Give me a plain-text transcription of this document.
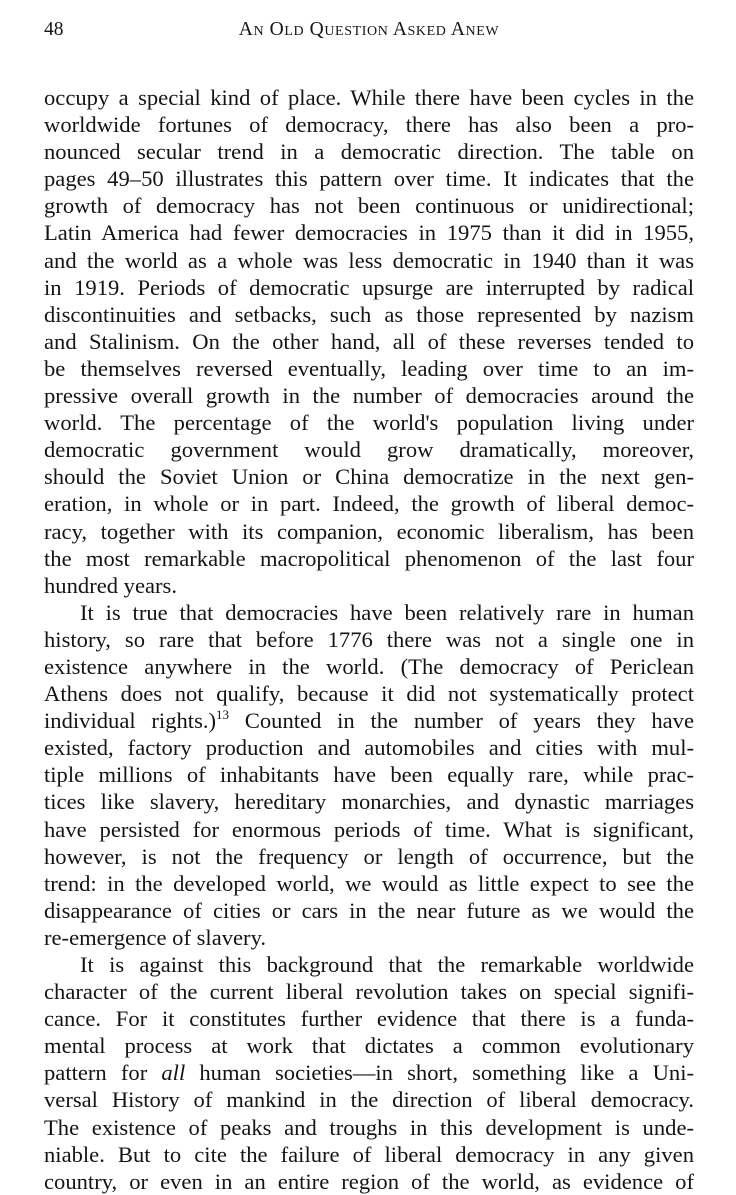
48	An Old Question Asked Anew
occupy a special kind of place. While there have been cycles in the
worldwide fortunes of democracy, there has also been a pro-
nounced secular trend in a democratic direction. The table on
pages 49–50 illustrates this pattern over time. It indicates that the
growth of democracy has not been continuous or unidirectional;
Latin America had fewer democracies in 1975 than it did in 1955,
and the world as a whole was less democratic in 1940 than it was
in 1919. Periods of democratic upsurge are interrupted by radical
discontinuities and setbacks, such as those represented by nazism
and Stalinism. On the other hand, all of these reverses tended to
be themselves reversed eventually, leading over time to an im-
pressive overall growth in the number of democracies around the
world. The percentage of the world's population living under
democratic government would grow dramatically, moreover,
should the Soviet Union or China democratize in the next gen-
eration, in whole or in part. Indeed, the growth of liberal democ-
racy, together with its companion, economic liberalism, has been
the most remarkable macropolitical phenomenon of the last four
hundred years.
It is true that democracies have been relatively rare in human
history, so rare that before 1776 there was not a single one in
existence anywhere in the world. (The democracy of Periclean
Athens does not qualify, because it did not systematically protect
individual rights.)$^{13}$ Counted in the number of years they have
existed, factory production and automobiles and cities with mul-
tiple millions of inhabitants have been equally rare, while prac-
tices like slavery, hereditary monarchies, and dynastic marriages
have persisted for enormous periods of time. What is significant,
however, is not the frequency or length of occurrence, but the
trend: in the developed world, we would as little expect to see the
disappearance of cities or cars in the near future as we would the
re-emergence of slavery.
It is against this background that the remarkable worldwide
character of the current liberal revolution takes on special signifi-
cance. For it constitutes further evidence that there is a funda-
mental process at work that dictates a common evolutionary
pattern for all human societies—in short, something like a Uni-
versal History of mankind in the direction of liberal democracy.
The existence of peaks and troughs in this development is unde-
niable. But to cite the failure of liberal democracy in any given
country, or even in an entire region of the world, as evidence of
